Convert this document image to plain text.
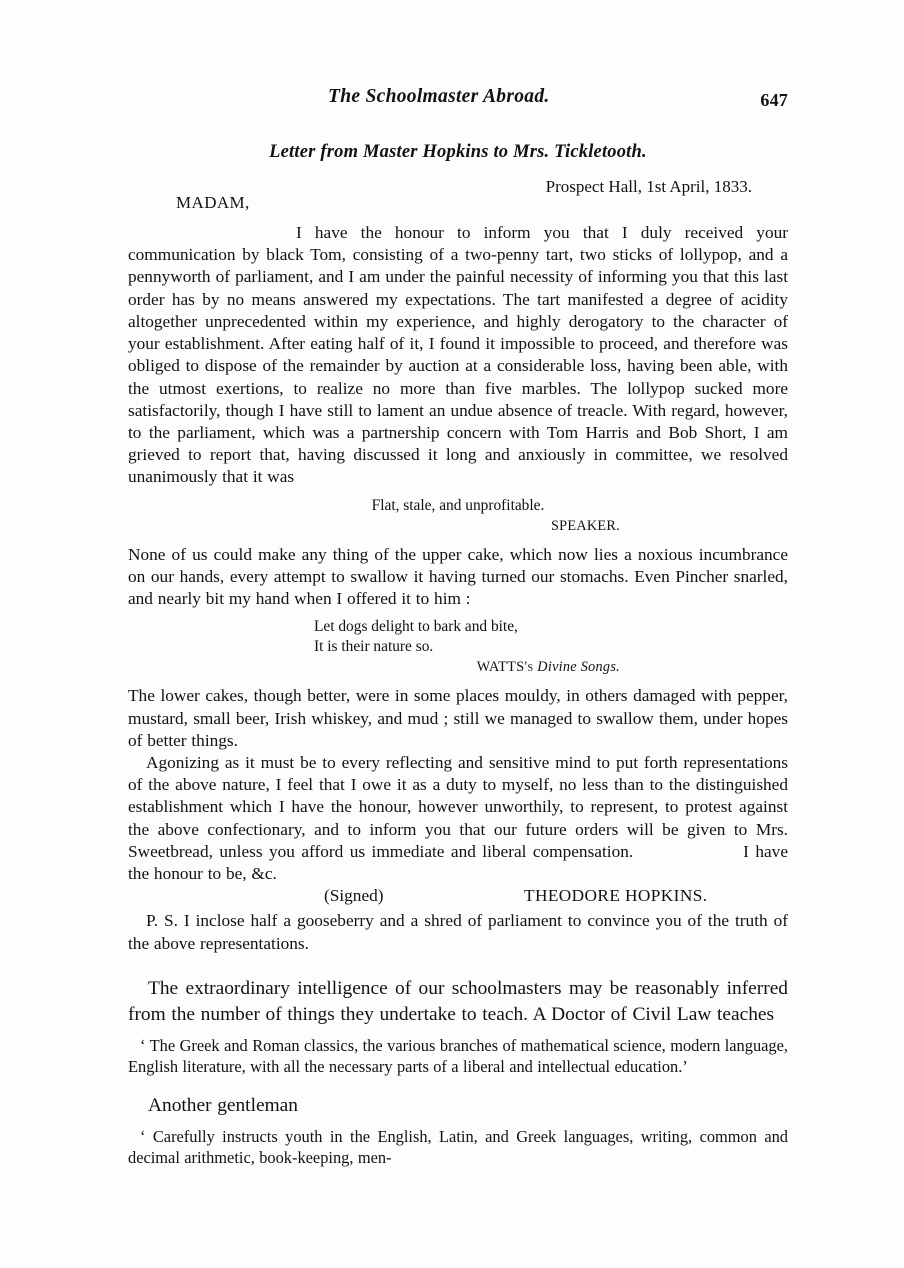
The Schoolmaster Abroad.	647
Letter from Master Hopkins to Mrs. Tickletooth.
Prospect Hall, 1st April, 1833.
MADAM,

I have the honour to inform you that I duly received your communication by black Tom, consisting of a two-penny tart, two sticks of lollypop, and a pennyworth of parliament, and I am under the painful necessity of informing you that this last order has by no means answered my expectations. The tart manifested a degree of acidity altogether unprecedented within my experience, and highly derogatory to the character of your establishment. After eating half of it, I found it impossible to proceed, and therefore was obliged to dispose of the remainder by auction at a considerable loss, having been able, with the utmost exertions, to realize no more than five marbles. The lollypop sucked more satisfactorily, though I have still to lament an undue absence of treacle. With regard, however, to the parliament, which was a partnership concern with Tom Harris and Bob Short, I am grieved to report that, having discussed it long and anxiously in committee, we resolved unanimously that it was

Flat, stale, and unprofitable.
SPEAKER.

None of us could make any thing of the upper cake, which now lies a noxious incumbrance on our hands, every attempt to swallow it having turned our stomachs. Even Pincher snarled, and nearly bit my hand when I offered it to him :

Let dogs delight to bark and bite,
It is their nature so.
WATTS's Divine Songs.

The lower cakes, though better, were in some places mouldy, in others damaged with pepper, mustard, small beer, Irish whiskey, and mud ; still we managed to swallow them, under hopes of better things.

Agonizing as it must be to every reflecting and sensitive mind to put forth representations of the above nature, I feel that I owe it as a duty to myself, no less than to the distinguished establishment which I have the honour, however unworthily, to represent, to protest against the above confectionary, and to inform you that our future orders will be given to Mrs. Sweetbread, unless you afford us immediate and liberal compensation.	I have the honour to be, &c.

(Signed)	THEODORE HOPKINS.

P. S. I inclose half a gooseberry and a shred of parliament to convince you of the truth of the above representations.

The extraordinary intelligence of our schoolmasters may be reasonably inferred from the number of things they undertake to teach. A Doctor of Civil Law teaches

‘ The Greek and Roman classics, the various branches of mathematical science, modern language, English literature, with all the necessary parts of a liberal and intellectual education.’

Another gentleman

‘ Carefully instructs youth in the English, Latin, and Greek languages, writing, common and decimal arithmetic, book-keeping, men-
